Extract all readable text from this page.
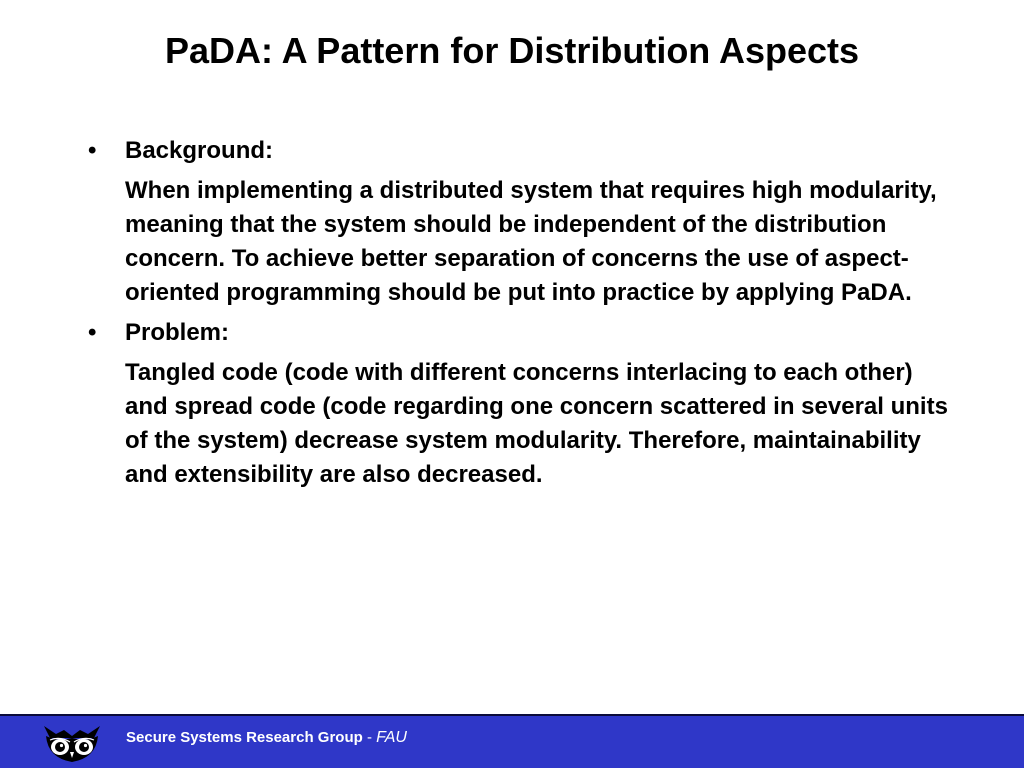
PaDA: A Pattern for Distribution Aspects
•	Background:

When implementing a distributed system that requires high modularity, meaning that the system should be independent of the distribution concern. To achieve better separation of concerns the use of aspect-oriented programming should be put into practice by applying PaDA.

•	Problem:

Tangled code (code with different concerns interlacing to each other) and spread code (code regarding one concern scattered in several units of the system) decrease system modularity. Therefore, maintainability and extensibility are also decreased.

Secure Systems Research Group - FAU
